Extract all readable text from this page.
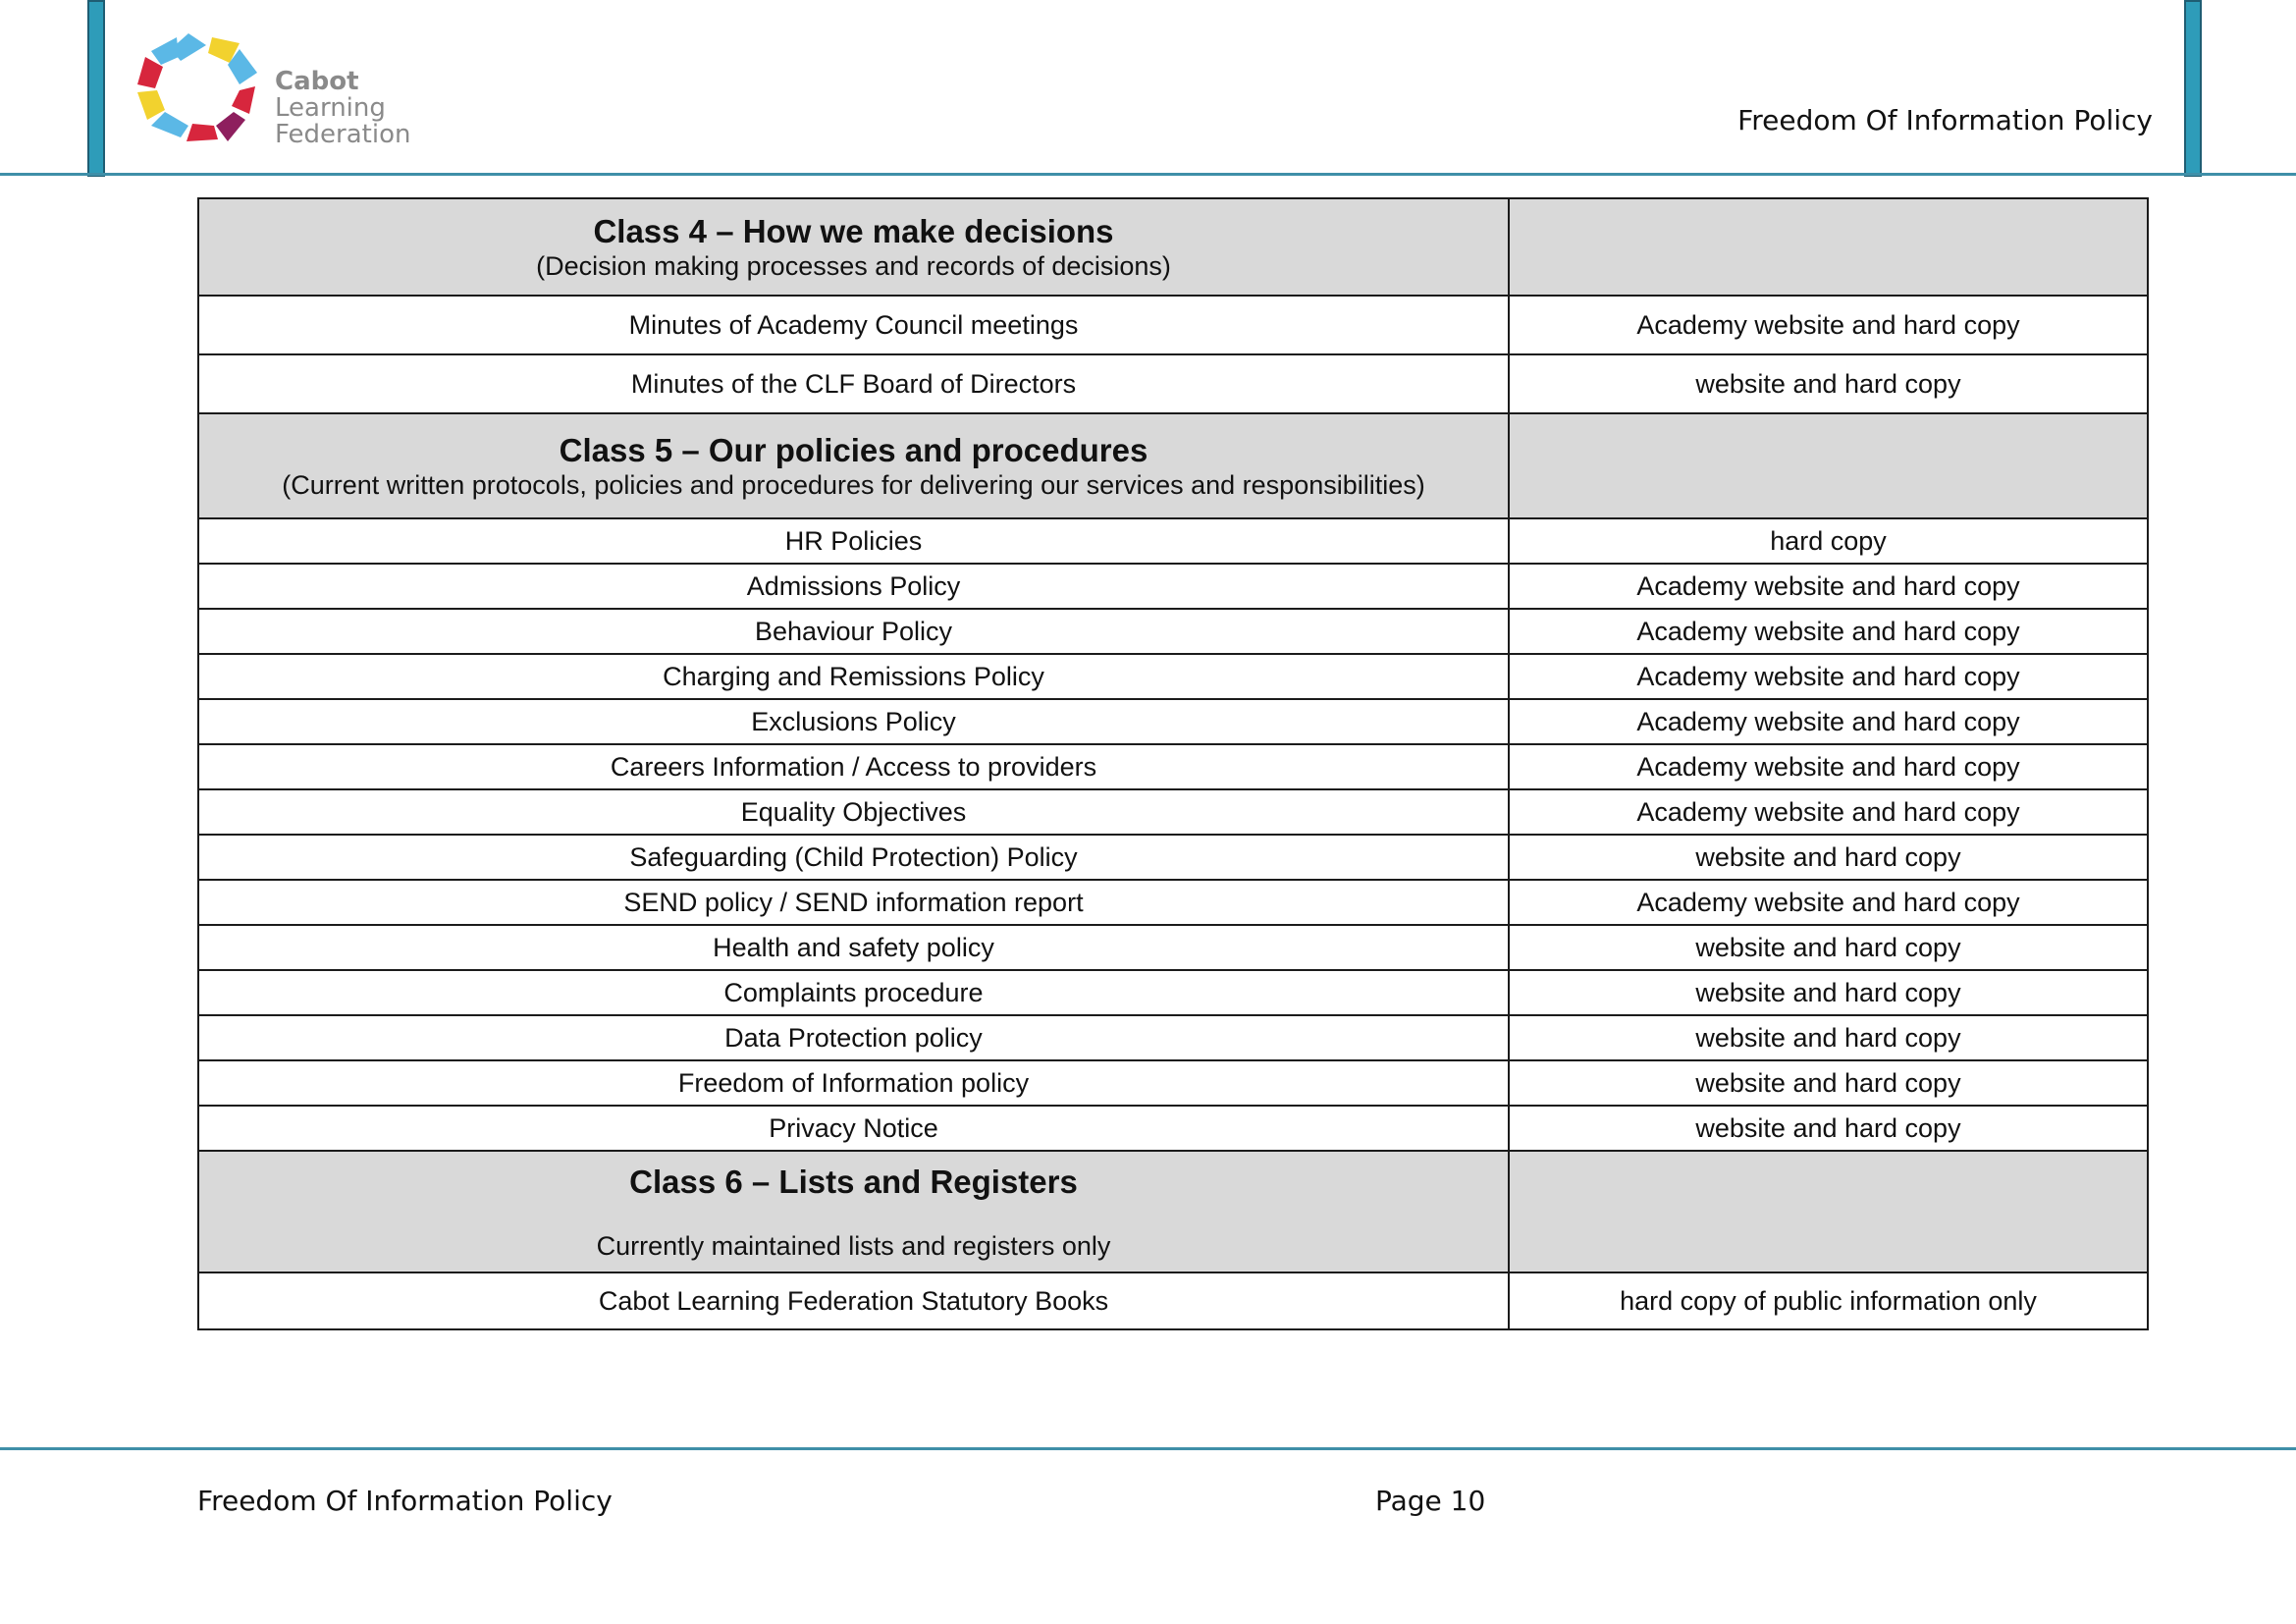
Cabot
Learning
Federation	Freedom Of Information Policy
Class 4 – How we make decisions
(Decision making processes and records of decisions)	

Minutes of Academy Council meetings	Academy website and hard copy
Minutes of the CLF Board of Directors	website and hard copy

Class 5 – Our policies and procedures
(Current written protocols, policies and procedures for delivering our services and responsibilities)	

HR Policies	hard copy
Admissions Policy	Academy website and hard copy
Behaviour Policy	Academy website and hard copy
Charging and Remissions Policy	Academy website and hard copy
Exclusions Policy	Academy website and hard copy
Careers Information / Access to providers	Academy website and hard copy
Equality Objectives	Academy website and hard copy
Safeguarding (Child Protection) Policy	website and hard copy
SEND policy / SEND information report	Academy website and hard copy
Health and safety policy	website and hard copy
Complaints procedure	website and hard copy
Data Protection policy	website and hard copy
Freedom of Information policy	website and hard copy
Privacy Notice	website and hard copy

Class 6 – Lists and Registers
Currently maintained lists and registers only	

Cabot Learning Federation Statutory Books	hard copy of public information only
Freedom Of Information Policy	Page 10
